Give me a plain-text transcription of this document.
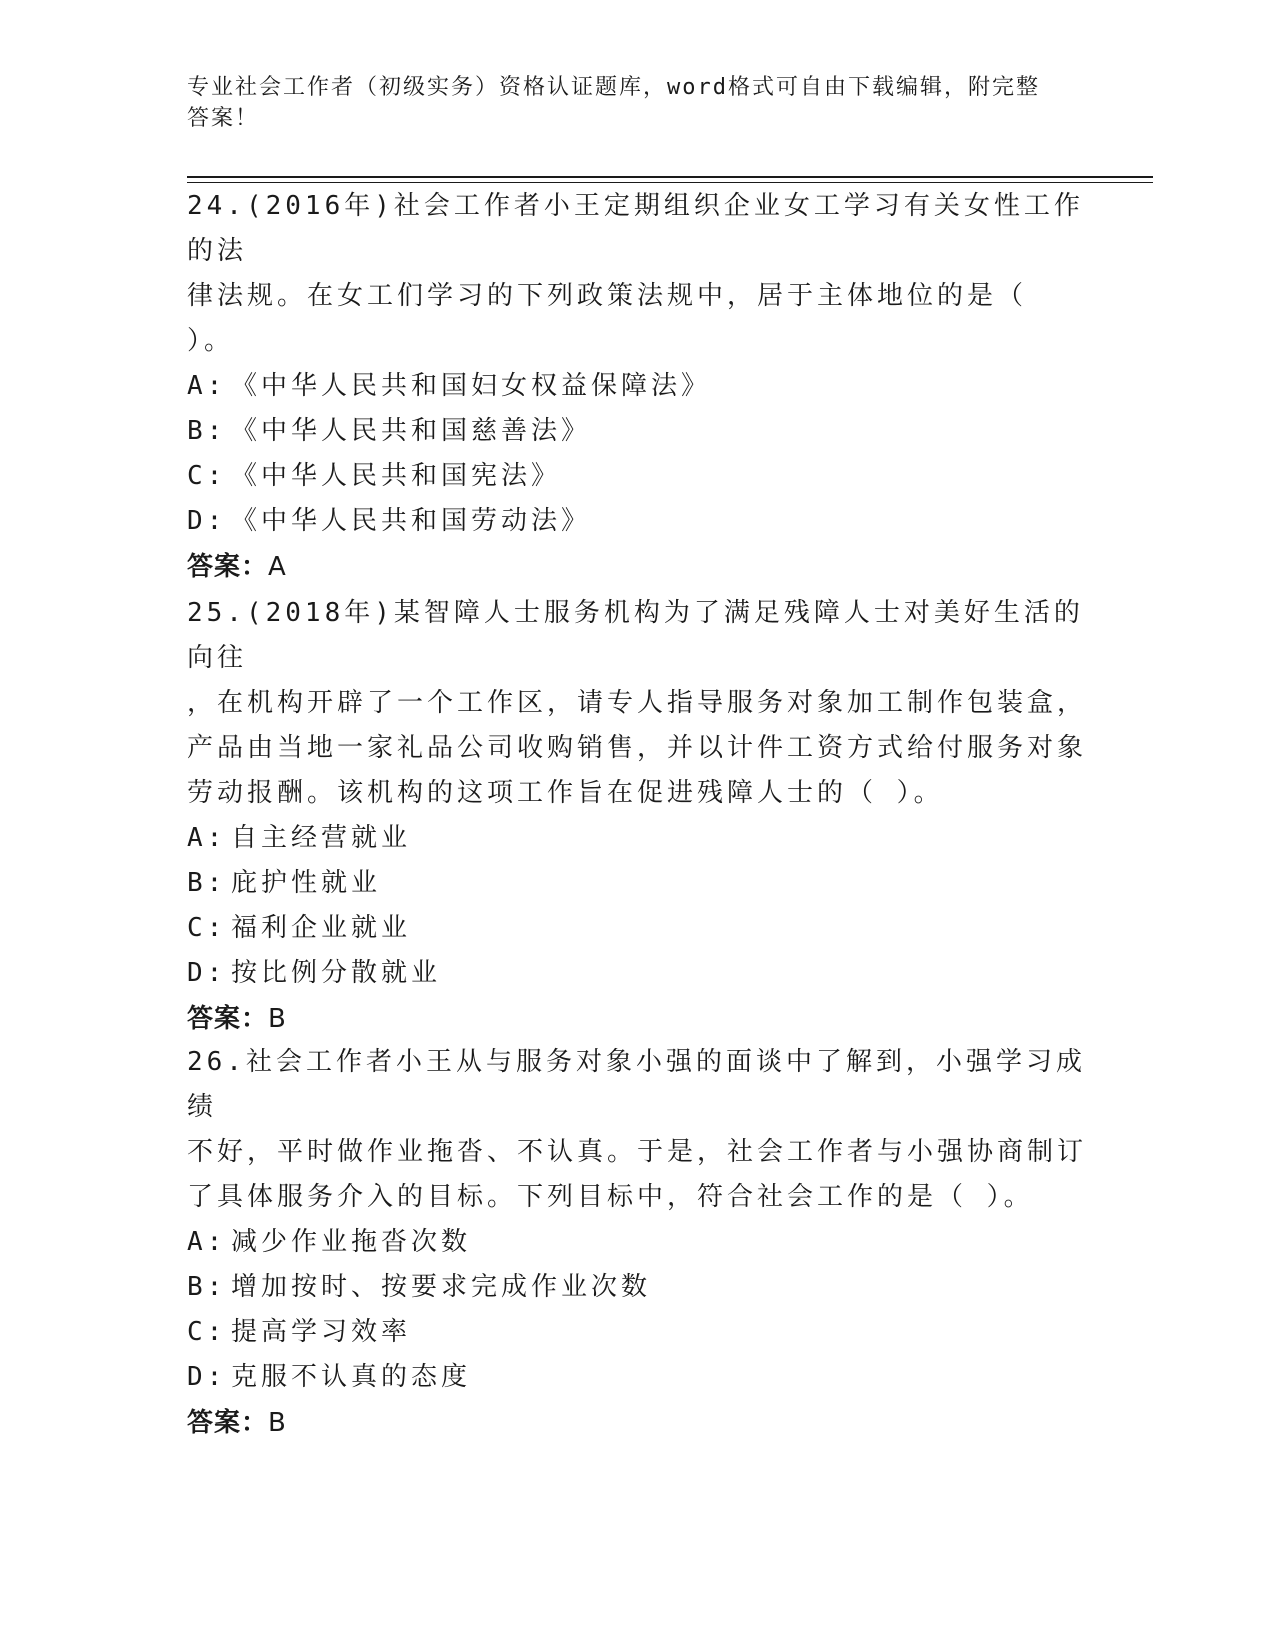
专业社会工作者（初级实务）资格认证题库，word格式可自由下载编辑，附完整
答案！

24.(2016年)社会工作者小王定期组织企业女工学习有关女性工作的法

律法规。在女工们学习的下列政策法规中，居于主体地位的是（

）。

A: 《中华人民共和国妇女权益保障法》

B: 《中华人民共和国慈善法》

C: 《中华人民共和国宪法》

D: 《中华人民共和国劳动法》

答案：A

25.(2018年)某智障人士服务机构为了满足残障人士对美好生活的向往

，在机构开辟了一个工作区，请专人指导服务对象加工制作包装盒，

产品由当地一家礼品公司收购销售，并以计件工资方式给付服务对象

劳动报酬。该机构的这项工作旨在促进残障人士的（ ）。

A: 自主经营就业

B: 庇护性就业

C: 福利企业就业

D: 按比例分散就业

答案：B

26.社会工作者小王从与服务对象小强的面谈中了解到，小强学习成绩

不好，平时做作业拖沓、不认真。于是，社会工作者与小强协商制订

了具体服务介入的目标。下列目标中，符合社会工作的是（ ）。

A: 减少作业拖沓次数

B: 增加按时、按要求完成作业次数

C: 提高学习效率

D: 克服不认真的态度

答案：B
